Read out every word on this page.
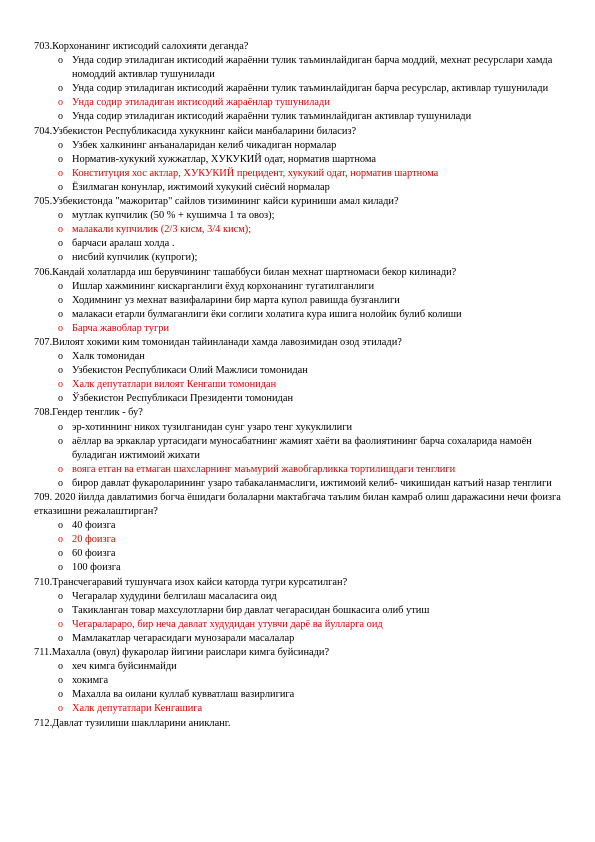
703.Корхонанинг иктисодий салохияти деганда?
o Унда содир этиладиган иктисодий жараённи тулик таъминлайдиган барча моддий, мехнат ресурслари хамда номоддий активлар тушунилади
o Унда содир этиладиган иктисодий жараённи тулик таъминлайдиган барча ресурслар, активлар тушунилади
o Унда содир этиладиган иктисодий жараёнлар тушунилади
o Унда содир этиладиган иктисодий жараённи тулик таъминлайдиган активлар тушунилади
704.Узбекистон Республикасида хукукнинг кайси манбаларини биласиз?
o Узбек халкининг анъаналаридан келиб чикадиган нормалар
o Норматив-хукукий хужжатлар, ХУКУКИЙ одат, норматив шартнома
o Конституция хос актлар, ХУКУКИЙ прецидент, хукукий одат, норматив шартнома
o Ёзилмаган конунлар, ижтимоий хукукий сиёсий нормалар
705.Узбекистонда "мажоритар" сайлов тизимининг кайси куриниши амал килади?
o мутлак купчилик (50 % + кушимча 1 та овоз);
o малакали купчилик (2/3 кисм, 3/4 кисм);
o барчаси аралаш холда .
o нисбий купчилик (купроги);
706.Кандай холатларда иш берувчининг ташаббуси билан мехнат шартномаси бекор килинади?
o Ишлар хажмининг кискарганлиги ёхуд корхонанинг тугатилганлиги
o Ходимнинг уз мехнат вазифаларини бир марта купол равишда бузганлиги
o малакаси етарли булмаганлиги ёки соглиги холатига кура ишига нолойик булиб колиши
o Барча жавоблар тугри
707.Вилоят хокими ким томонидан тайинланади хамда лавозимидан озод этилади?
o Халк томонидан
o Узбекистон Республикаси Олий Мажлиси томонидан
o Халк депутатлари вилоят Кенгаши томонидан
o Ўзбекистон Республикаси Президенти томонидан
708.Гендер тенглик - бу?
o эр-хотиннинг никох тузилганидан сунг узаро тенг хукуклилиги
o аёллар ва эркаклар уртасидаги муносабатнинг жамият хаёти ва фаолиятининг барча сохаларида намоён буладиган ижтимоий жихати
o вояга етган ва етмаган шахсларнинг маъмурий жавобгарликка тортилишдаги тенглиги
o бирор давлат фукароларининг узаро табакаланмаслиги, ижтимоий келиб- чикишидан катъий назар тенглиги
709. 2020 йилда давлатимиз богча ёшидаги болаларни мактабгача таълим билан камраб олиш даражасини нечи фоизга етказишни режалаштирган?
o 40 фоизга
o 20 фоизга
o 60 фоизга
o 100 фоизга
710.Трансчегаравий тушунчага изох кайси каторда тугри курсатилган?
o Чегаралар худудини белгилаш масаласига оид
o Такикланган товар махсулотларни бир давлат чегарасидан бошкасига олиб утиш
o Чегаралараро, бир неча давлат худудидан утувчи дарё ва йулларга оид
o Мамлакатлар чегарасидаги мунозарали масалалар
711.Махалла (овул) фукаролар йигини раислари кимга буйсинади?
o хеч кимга буйсинмайди
o хокимга
o Махалла ва оилани куллаб кувватлаш вазирлигига
o Халк депутатлари Кенгашига
712.Давлат тузилиши шаклларини аникланг.
